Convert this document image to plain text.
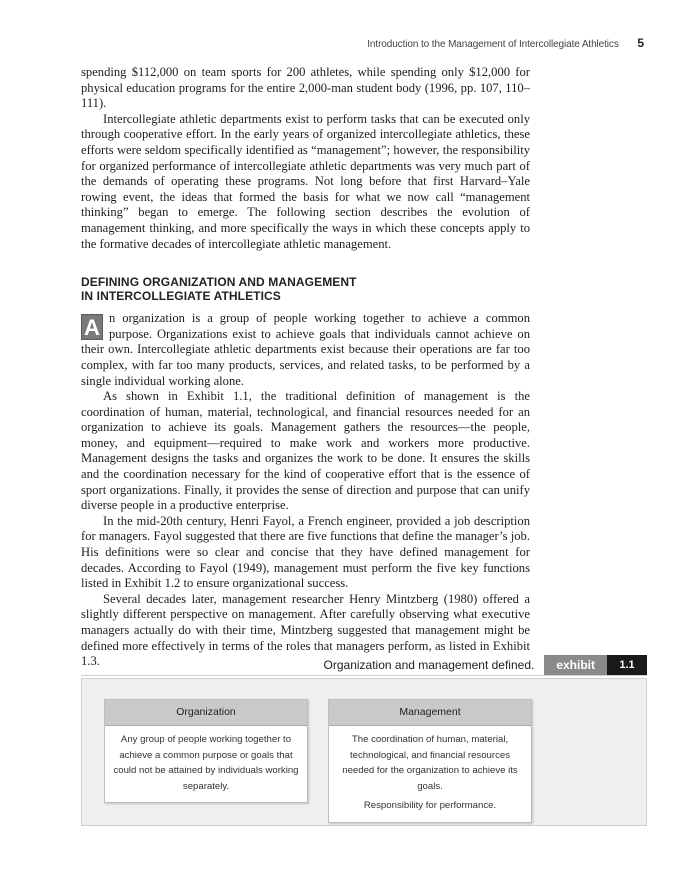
Introduction to the Management of Intercollegiate Athletics 5

spending $112,000 on team sports for 200 athletes, while spending only $12,000 for physical education programs for the entire 2,000-man student body (1996, pp. 107, 110–111).

Intercollegiate athletic departments exist to perform tasks that can be executed only through cooperative effort. In the early years of organized intercollegiate athletics, these efforts were seldom specifically identified as “management”; however, the responsibility for organized performance of intercollegiate athletic departments was very much part of the demands of operating these programs. Not long before that first Harvard–Yale rowing event, the ideas that formed the basis for what we now call “management thinking” began to emerge. The following section describes the evolution of management thinking, and more specifically the ways in which these concepts apply to the formative decades of intercollegiate athletic management.

DEFINING ORGANIZATION AND MANAGEMENT
IN INTERCOLLEGIATE ATHLETICS

A n organization is a group of people working together to achieve a common purpose. Organizations exist to achieve goals that individuals cannot achieve on their own. Intercollegiate athletic departments exist because their operations are far too complex, with far too many products, services, and related tasks, to be performed by a single individual working alone.

As shown in Exhibit 1.1, the traditional definition of management is the coordination of human, material, technological, and financial resources needed for an organization to achieve its goals. Management gathers the resources—the people, money, and equipment—required to make work and workers more productive. Management designs the tasks and organizes the work to be done. It ensures the skills and the coordination necessary for the kind of cooperative effort that is the essence of sport organizations. Finally, it provides the sense of direction and purpose that can unify diverse people in a productive enterprise.

In the mid-20th century, Henri Fayol, a French engineer, provided a job description for managers. Fayol suggested that there are five functions that define the manager’s job. His definitions were so clear and concise that they have defined management for decades. According to Fayol (1949), management must perform the five key functions listed in Exhibit 1.2 to ensure organizational success.

Several decades later, management researcher Henry Mintzberg (1980) offered a slightly different perspective on management. After carefully observing what executive managers actually do with their time, Mintzberg suggested that management might be defined more effectively in terms of the roles that managers perform, as listed in Exhibit 1.3.	Organization and management defined.	exhibit	1.1
Organization
Any group of people working together to achieve a common purpose or goals that could not be attained by individuals working separately.
Management
The coordination of human, material, technological, and financial resources needed for the organization to achieve its goals.
Responsibility for performance.
